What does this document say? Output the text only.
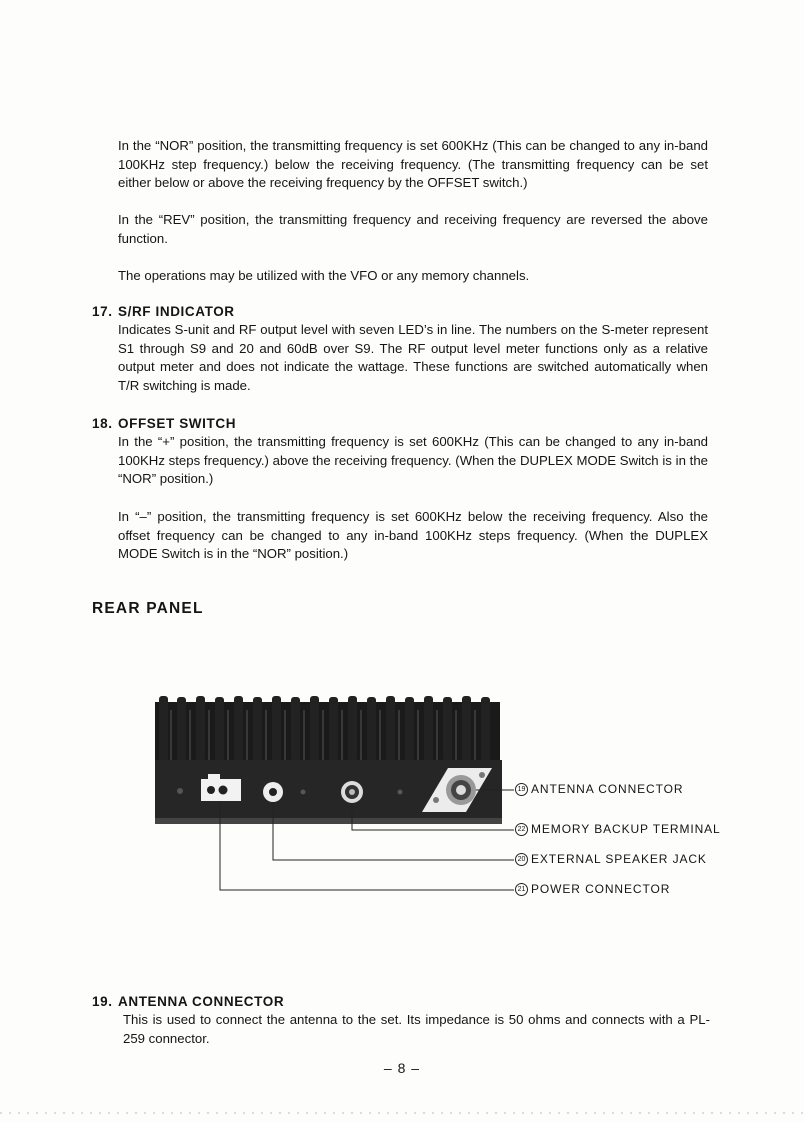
In the “NOR” position, the transmitting frequency is set 600KHz (This can be changed to any in-band 100KHz step frequency.) below the receiving frequency. (The transmitting frequency can be set either below or above the receiving frequency by the OFFSET switch.)

In the “REV” position, the transmitting frequency and receiving frequency are reversed the above function.

The operations may be utilized with the VFO or any memory channels.

17. S/RF INDICATOR

Indicates S-unit and RF output level with seven LED’s in line. The numbers on the S-meter represent S1 through S9 and 20 and 60dB over S9. The RF output level meter functions only as a relative output meter and does not indicate the wattage. These functions are switched automatically when T/R switching is made.

18. OFFSET SWITCH

In the “+” position, the transmitting frequency is set 600KHz (This can be changed to any in-band 100KHz steps frequency.) above the receiving frequency. (When the DUPLEX MODE Switch is in the “NOR” position.)

In “–” position, the transmitting frequency is set 600KHz below the receiving frequency. Also the offset frequency can be changed to any in-band 100KHz steps frequency. (When the DUPLEX MODE Switch is in the “NOR” position.)

REAR PANEL
19 ANTENNA CONNECTOR
22 MEMORY BACKUP TERMINAL
20 EXTERNAL SPEAKER JACK
21 POWER CONNECTOR
19. ANTENNA CONNECTOR

This is used to connect the antenna to the set. Its impedance is 50 ohms and connects with a PL-259 connector.

– 8 –
